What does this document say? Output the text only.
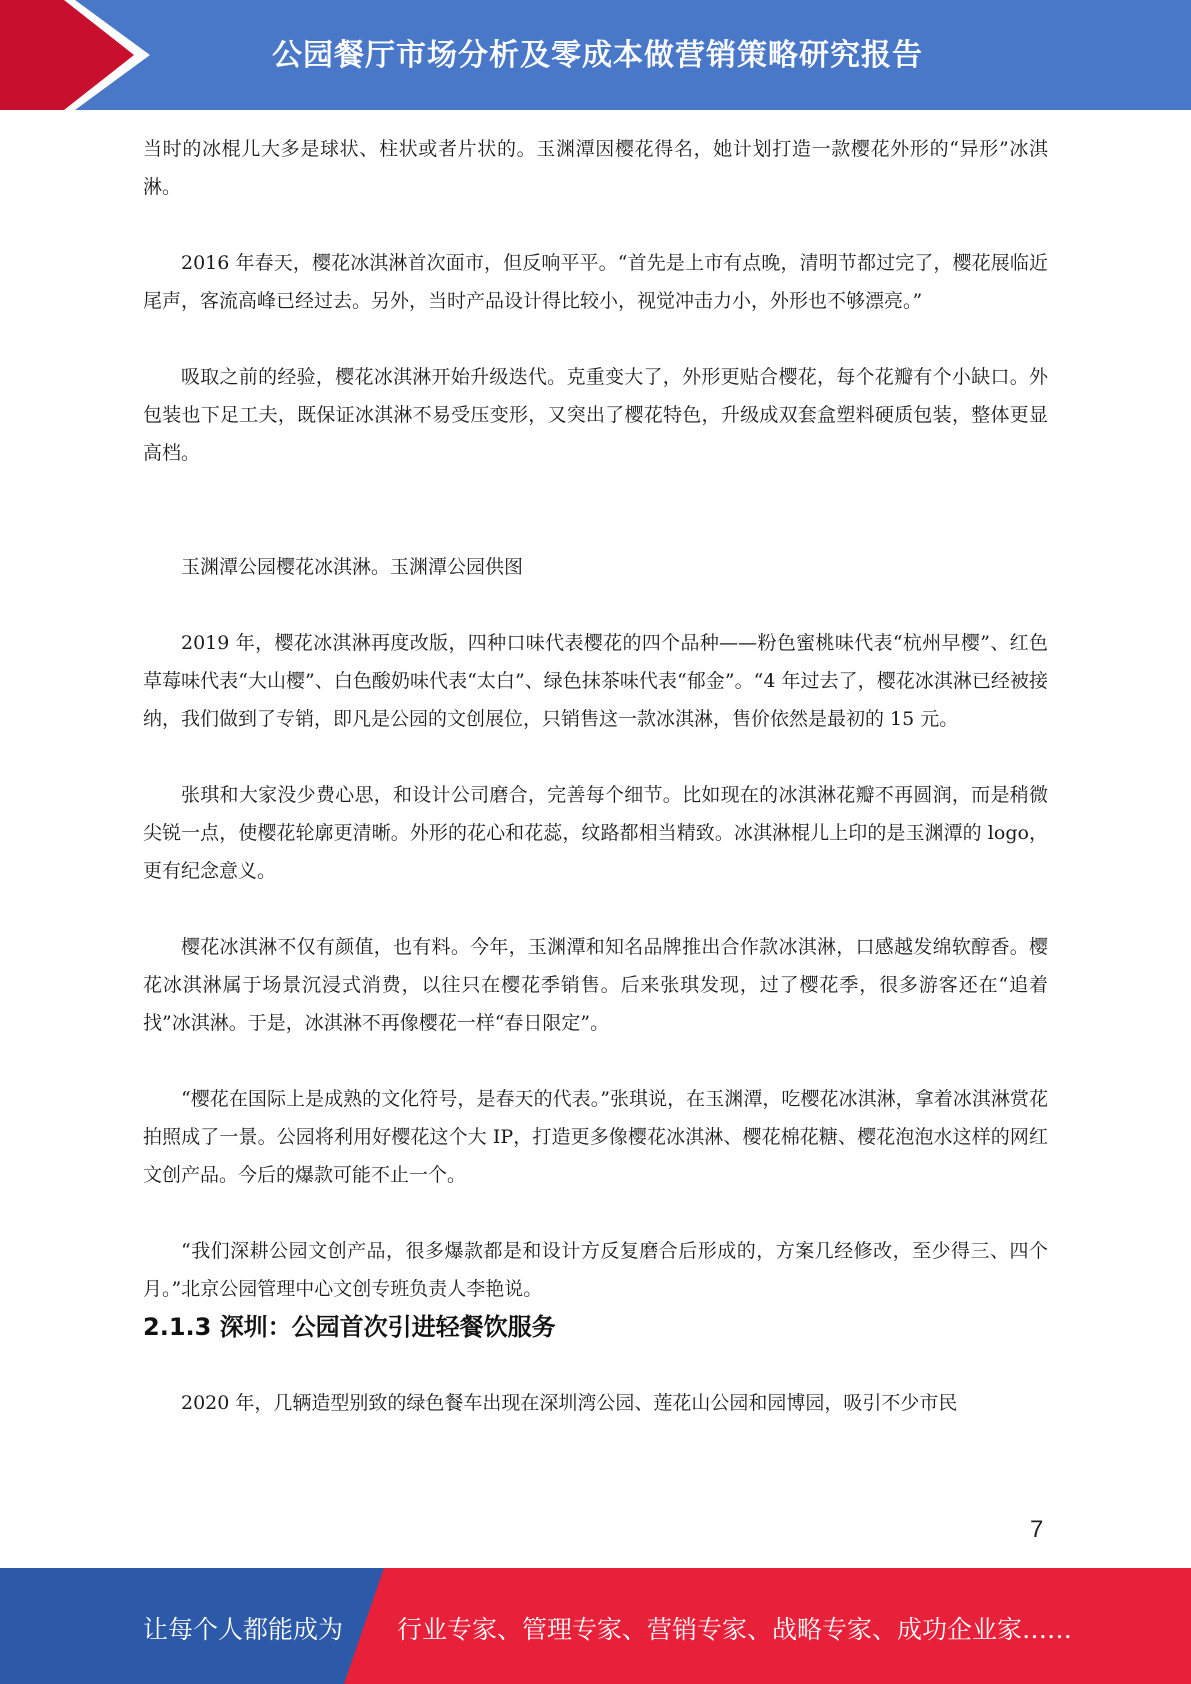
公园餐厅市场分析及零成本做营销策略研究报告

当时的冰棍儿大多是球状、柱状或者片状的。玉渊潭因樱花得名，她计划打造一款樱花外形的“异形”冰淇淋。

2016 年春天，樱花冰淇淋首次面市，但反响平平。“首先是上市有点晚，清明节都过完了，樱花展临近尾声，客流高峰已经过去。另外，当时产品设计得比较小，视觉冲击力小，外形也不够漂亮。”

吸取之前的经验，樱花冰淇淋开始升级迭代。克重变大了，外形更贴合樱花，每个花瓣有个小缺口。外包装也下足工夫，既保证冰淇淋不易受压变形，又突出了樱花特色，升级成双套盒塑料硬质包装，整体更显高档。

玉渊潭公园樱花冰淇淋。玉渊潭公园供图

2019 年，樱花冰淇淋再度改版，四种口味代表樱花的四个品种——粉色蜜桃味代表“杭州早樱”、红色草莓味代表“大山樱”、白色酸奶味代表“太白”、绿色抹茶味代表“郁金”。“4 年过去了，樱花冰淇淋已经被接纳，我们做到了专销，即凡是公园的文创展位，只销售这一款冰淇淋，售价依然是最初的 15 元。

张琪和大家没少费心思，和设计公司磨合，完善每个细节。比如现在的冰淇淋花瓣不再圆润，而是稍微尖锐一点，使樱花轮廓更清晰。外形的花心和花蕊，纹路都相当精致。冰淇淋棍儿上印的是玉渊潭的 logo，更有纪念意义。

樱花冰淇淋不仅有颜值，也有料。今年，玉渊潭和知名品牌推出合作款冰淇淋，口感越发绵软醇香。樱花冰淇淋属于场景沉浸式消费，以往只在樱花季销售。后来张琪发现，过了樱花季，很多游客还在“追着找”冰淇淋。于是，冰淇淋不再像樱花一样“春日限定”。

“樱花在国际上是成熟的文化符号，是春天的代表。”张琪说，在玉渊潭，吃樱花冰淇淋，拿着冰淇淋赏花拍照成了一景。公园将利用好樱花这个大 IP，打造更多像樱花冰淇淋、樱花棉花糖、樱花泡泡水这样的网红文创产品。今后的爆款可能不止一个。

“我们深耕公园文创产品，很多爆款都是和设计方反复磨合后形成的，方案几经修改，至少得三、四个月。”北京公园管理中心文创专班负责人李艳说。

2.1.3 深圳：公园首次引进轻餐饮服务

2020 年，几辆造型别致的绿色餐车出现在深圳湾公园、莲花山公园和园博园，吸引不少市民

7
让每个人都能成为 行业专家、管理专家、营销专家、战略专家、成功企业家……
